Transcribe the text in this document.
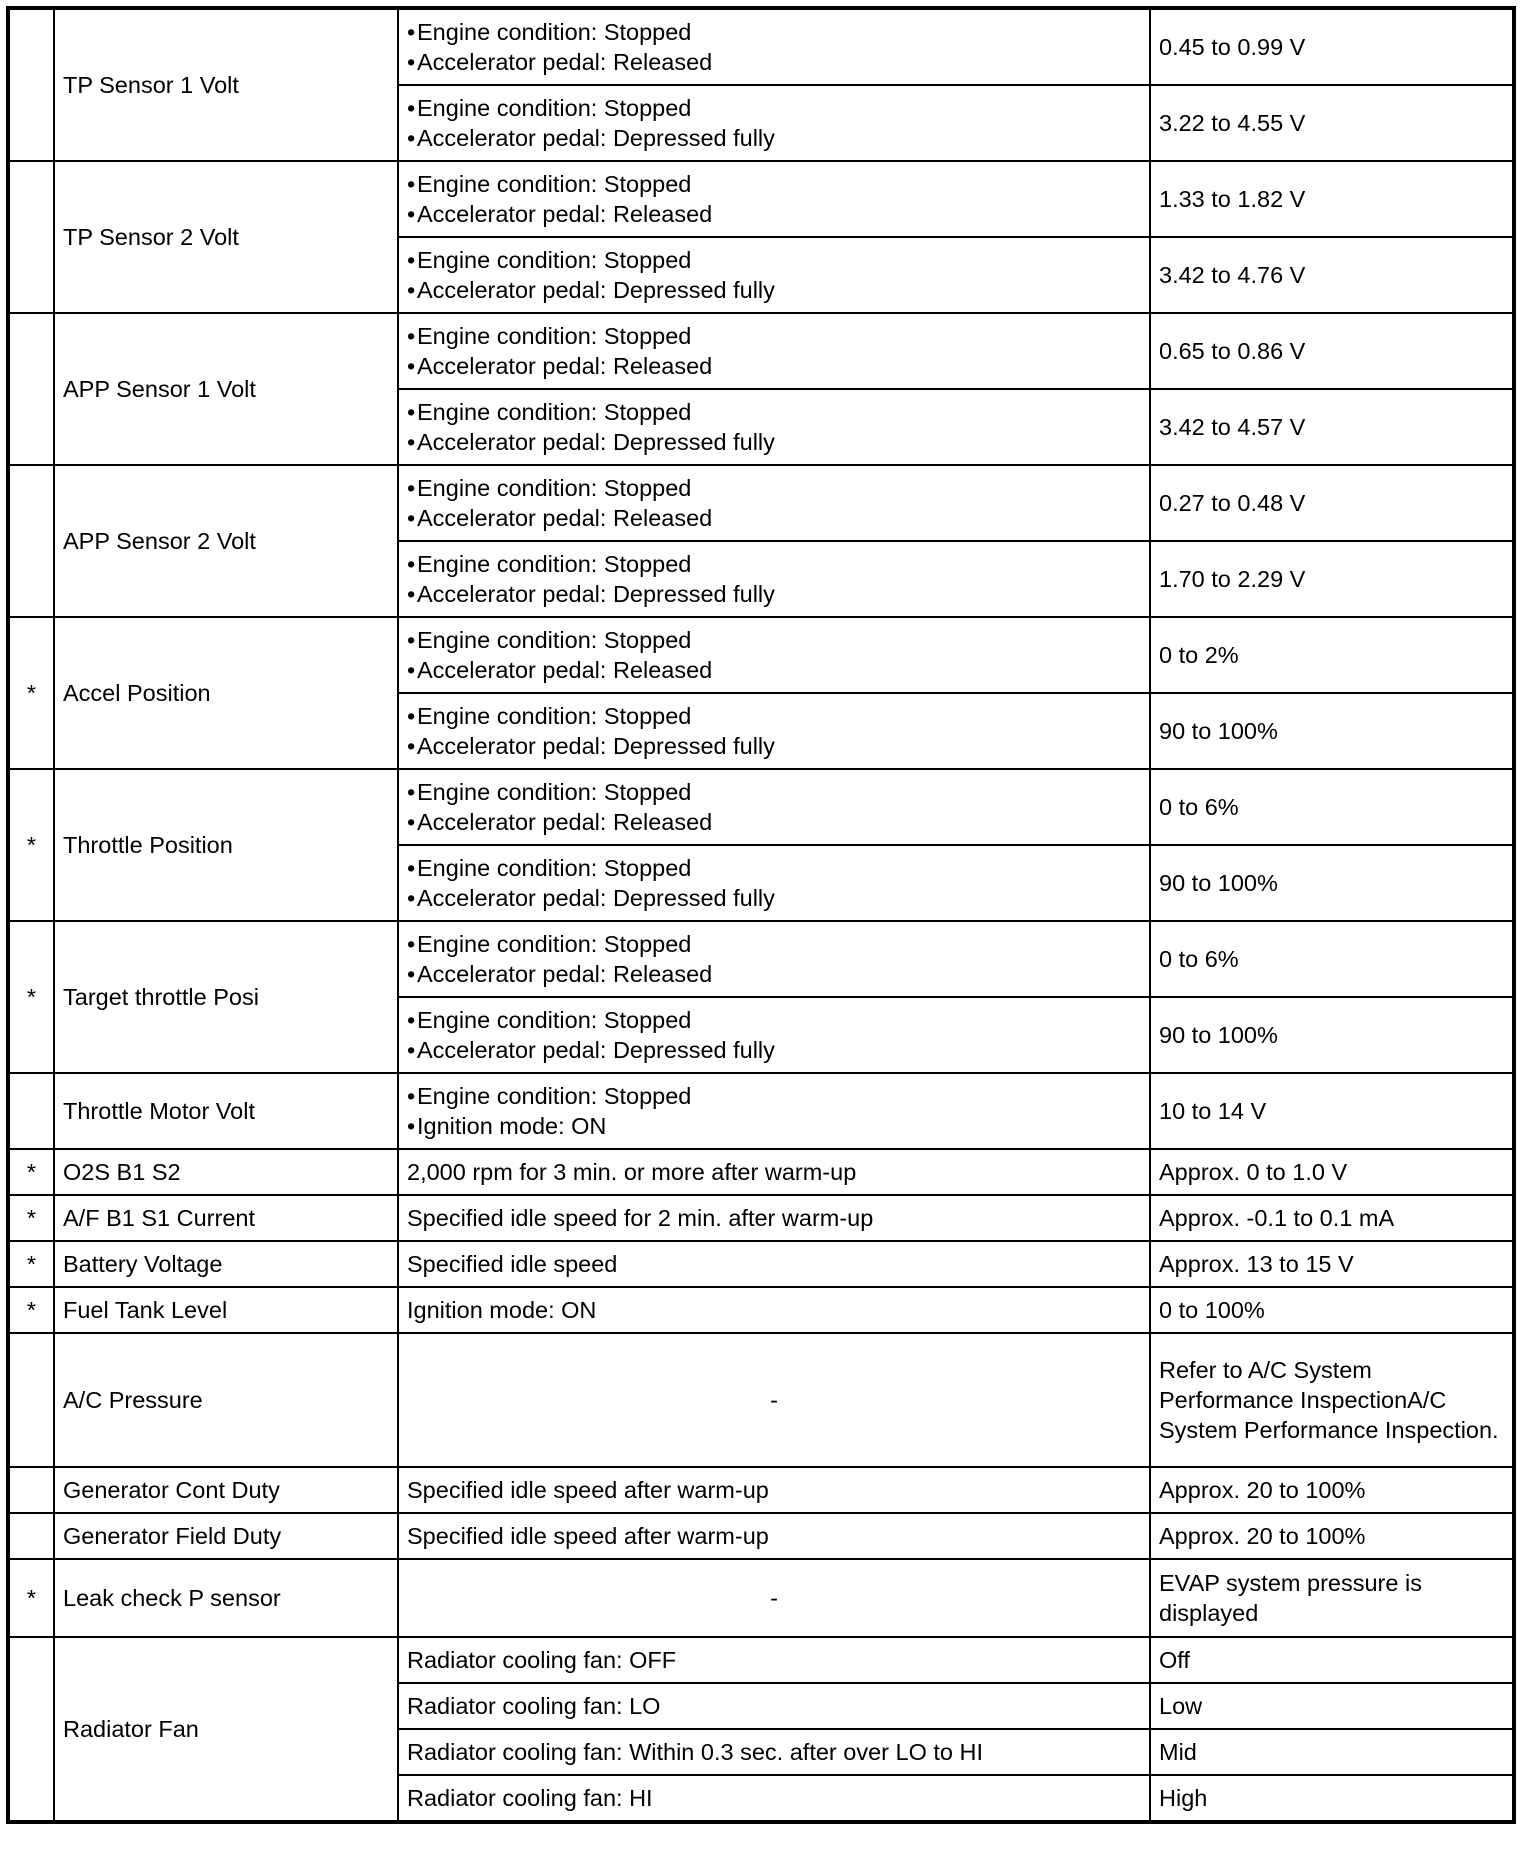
	TP Sensor 1 Volt	•Engine condition: Stopped
•Accelerator pedal: Released	0.45 to 0.99 V

		•Engine condition: Stopped
•Accelerator pedal: Depressed fully	3.22 to 4.55 V
	TP Sensor 2 Volt	•Engine condition: Stopped
•Accelerator pedal: Released	1.33 to 1.82 V

		•Engine condition: Stopped
•Accelerator pedal: Depressed fully	3.42 to 4.76 V
	APP Sensor 1 Volt	•Engine condition: Stopped
•Accelerator pedal: Released	0.65 to 0.86 V

		•Engine condition: Stopped
•Accelerator pedal: Depressed fully	3.42 to 4.57 V
	APP Sensor 2 Volt	•Engine condition: Stopped
•Accelerator pedal: Released	0.27 to 0.48 V

		•Engine condition: Stopped
•Accelerator pedal: Depressed fully	1.70 to 2.29 V
*	Accel Position	•Engine condition: Stopped
•Accelerator pedal: Released	0 to 2%

		•Engine condition: Stopped
•Accelerator pedal: Depressed fully	90 to 100%
*	Throttle Position	•Engine condition: Stopped
•Accelerator pedal: Released	0 to 6%

		•Engine condition: Stopped
•Accelerator pedal: Depressed fully	90 to 100%
*	Target throttle Posi	•Engine condition: Stopped
•Accelerator pedal: Released	0 to 6%

		•Engine condition: Stopped
•Accelerator pedal: Depressed fully	90 to 100%
	Throttle Motor Volt	•Engine condition: Stopped
•Ignition mode: ON	10 to 14 V
*	O2S B1 S2	2,000 rpm for 3 min. or more after warm-up	Approx. 0 to 1.0 V
*	A/F B1 S1 Current	Specified idle speed for 2 min. after warm-up	Approx. -0.1 to 0.1 mA
*	Battery Voltage	Specified idle speed	Approx. 13 to 15 V
*	Fuel Tank Level	Ignition mode: ON	0 to 100%
	A/C Pressure	-	Refer to A/C System Performance InspectionA/C System Performance Inspection.
	Generator Cont Duty	Specified idle speed after warm-up	Approx. 20 to 100%
	Generator Field Duty	Specified idle speed after warm-up	Approx. 20 to 100%
*	Leak check P sensor	-	EVAP system pressure is displayed
	Radiator Fan	Radiator cooling fan: OFF	Off
		Radiator cooling fan: LO	Low
		Radiator cooling fan: Within 0.3 sec. after over LO to HI	Mid
		Radiator cooling fan: HI	High
